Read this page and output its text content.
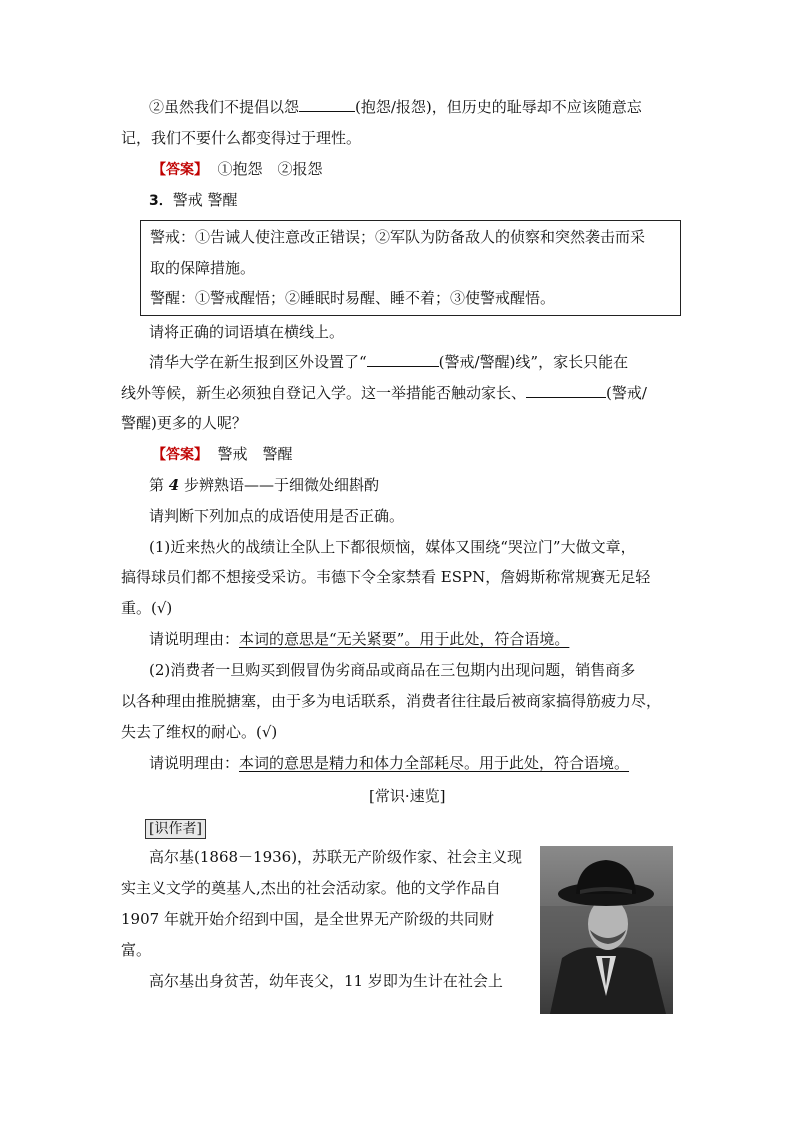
②虽然我们不提倡以怨	(抱怨/报怨)，但历史的耻辱却不应该随意忘
记，我们不要什么都变得过于理性。
【答案】 ①抱怨　②报怨
3．警戒 警醒
警戒：①告诫人使注意改正错误；②军队为防备敌人的侦察和突然袭击而采
取的保障措施。
警醒：①警戒醒悟；②睡眠时易醒、睡不着；③使警戒醒悟。
请将正确的词语填在横线上。
清华大学在新生报到区外设置了“	(警戒/警醒)线”，家长只能在
线外等候，新生必须独自登记入学。这一举措能否触动家长、	(警戒/
警醒)更多的人呢？
【答案】 警戒　警醒
第 4 步辨熟语——于细微处细斟酌
请判断下列加点的成语使用是否正确。
(1)近来热火的战绩让全队上下都很烦恼，媒体又围绕“哭泣门”大做文章，
搞得球员们都不想接受采访。韦德下令全家禁看 ESPN，詹姆斯称常规赛无足轻
重。(√)
请说明理由：本词的意思是“无关紧要”。用于此处，符合语境。
(2)消费者一旦购买到假冒伪劣商品或商品在三包期内出现问题，销售商多
以各种理由推脱搪塞，由于多为电话联系，消费者往往最后被商家搞得筋疲力尽，
失去了维权的耐心。(√)
请说明理由：本词的意思是精力和体力全部耗尽。用于此处，符合语境。
[常识·速览]
[识作者]
高尔基(1868－1936)，苏联无产阶级作家、社会主义现
实主义文学的奠基人,杰出的社会活动家。他的文学作品自
1907 年就开始介绍到中国，是全世界无产阶级的共同财
富。
高尔基出身贫苦，幼年丧父，11 岁即为生计在社会上
